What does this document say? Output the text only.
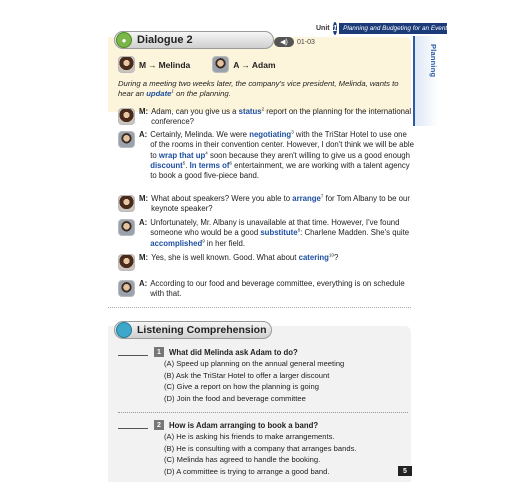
Unit 1 Planning and Budgeting for an Event
Planning
● Dialogue 2	◀)	01-03
M → Melinda	A → Adam

During a meeting two weeks later, the company's vice president, Melinda, wants to hear an update$^1$ on the planning.

M: Adam, can you give us a status$^2$ report on the planning for the international conference?
A: Certainly, Melinda. We were negotiating$^3$ with the TriStar Hotel to use one of the rooms in their convention center. However, I don't think we will be able to wrap that $up^4$ soon because they aren't willing to give us a good enough discount$^5$. In terms $of^6$ entertainment, we are working with a talent agency to book a good five-piece band.
M: What about speakers? Were you able to arrange$^7$ for Tom Albany to be our keynote speaker?
A: Unfortunately, Mr. Albany is unavailable at that time. However, I've found someone who would be a good substitute$^8$: Charlene Madden. She's quite accomplished$^9$ in her field.
M: Yes, she is well known. Good. What about catering$^{10}$?
A: According to our food and beverage committee, everything is on schedule with that.
Listening Comprehension
1	What did Melinda ask Adam to do?
(A) Speed up planning on the annual general meeting
(B) Ask the TriStar Hotel to offer a larger discount
(C) Give a report on how the planning is going
(D) Join the food and beverage committee
2	How is Adam arranging to book a band?
(A) He is asking his friends to make arrangements.
(B) He is consulting with a company that arranges bands.
(C) Melinda has agreed to handle the booking.
(D) A committee is trying to arrange a good band.	5
